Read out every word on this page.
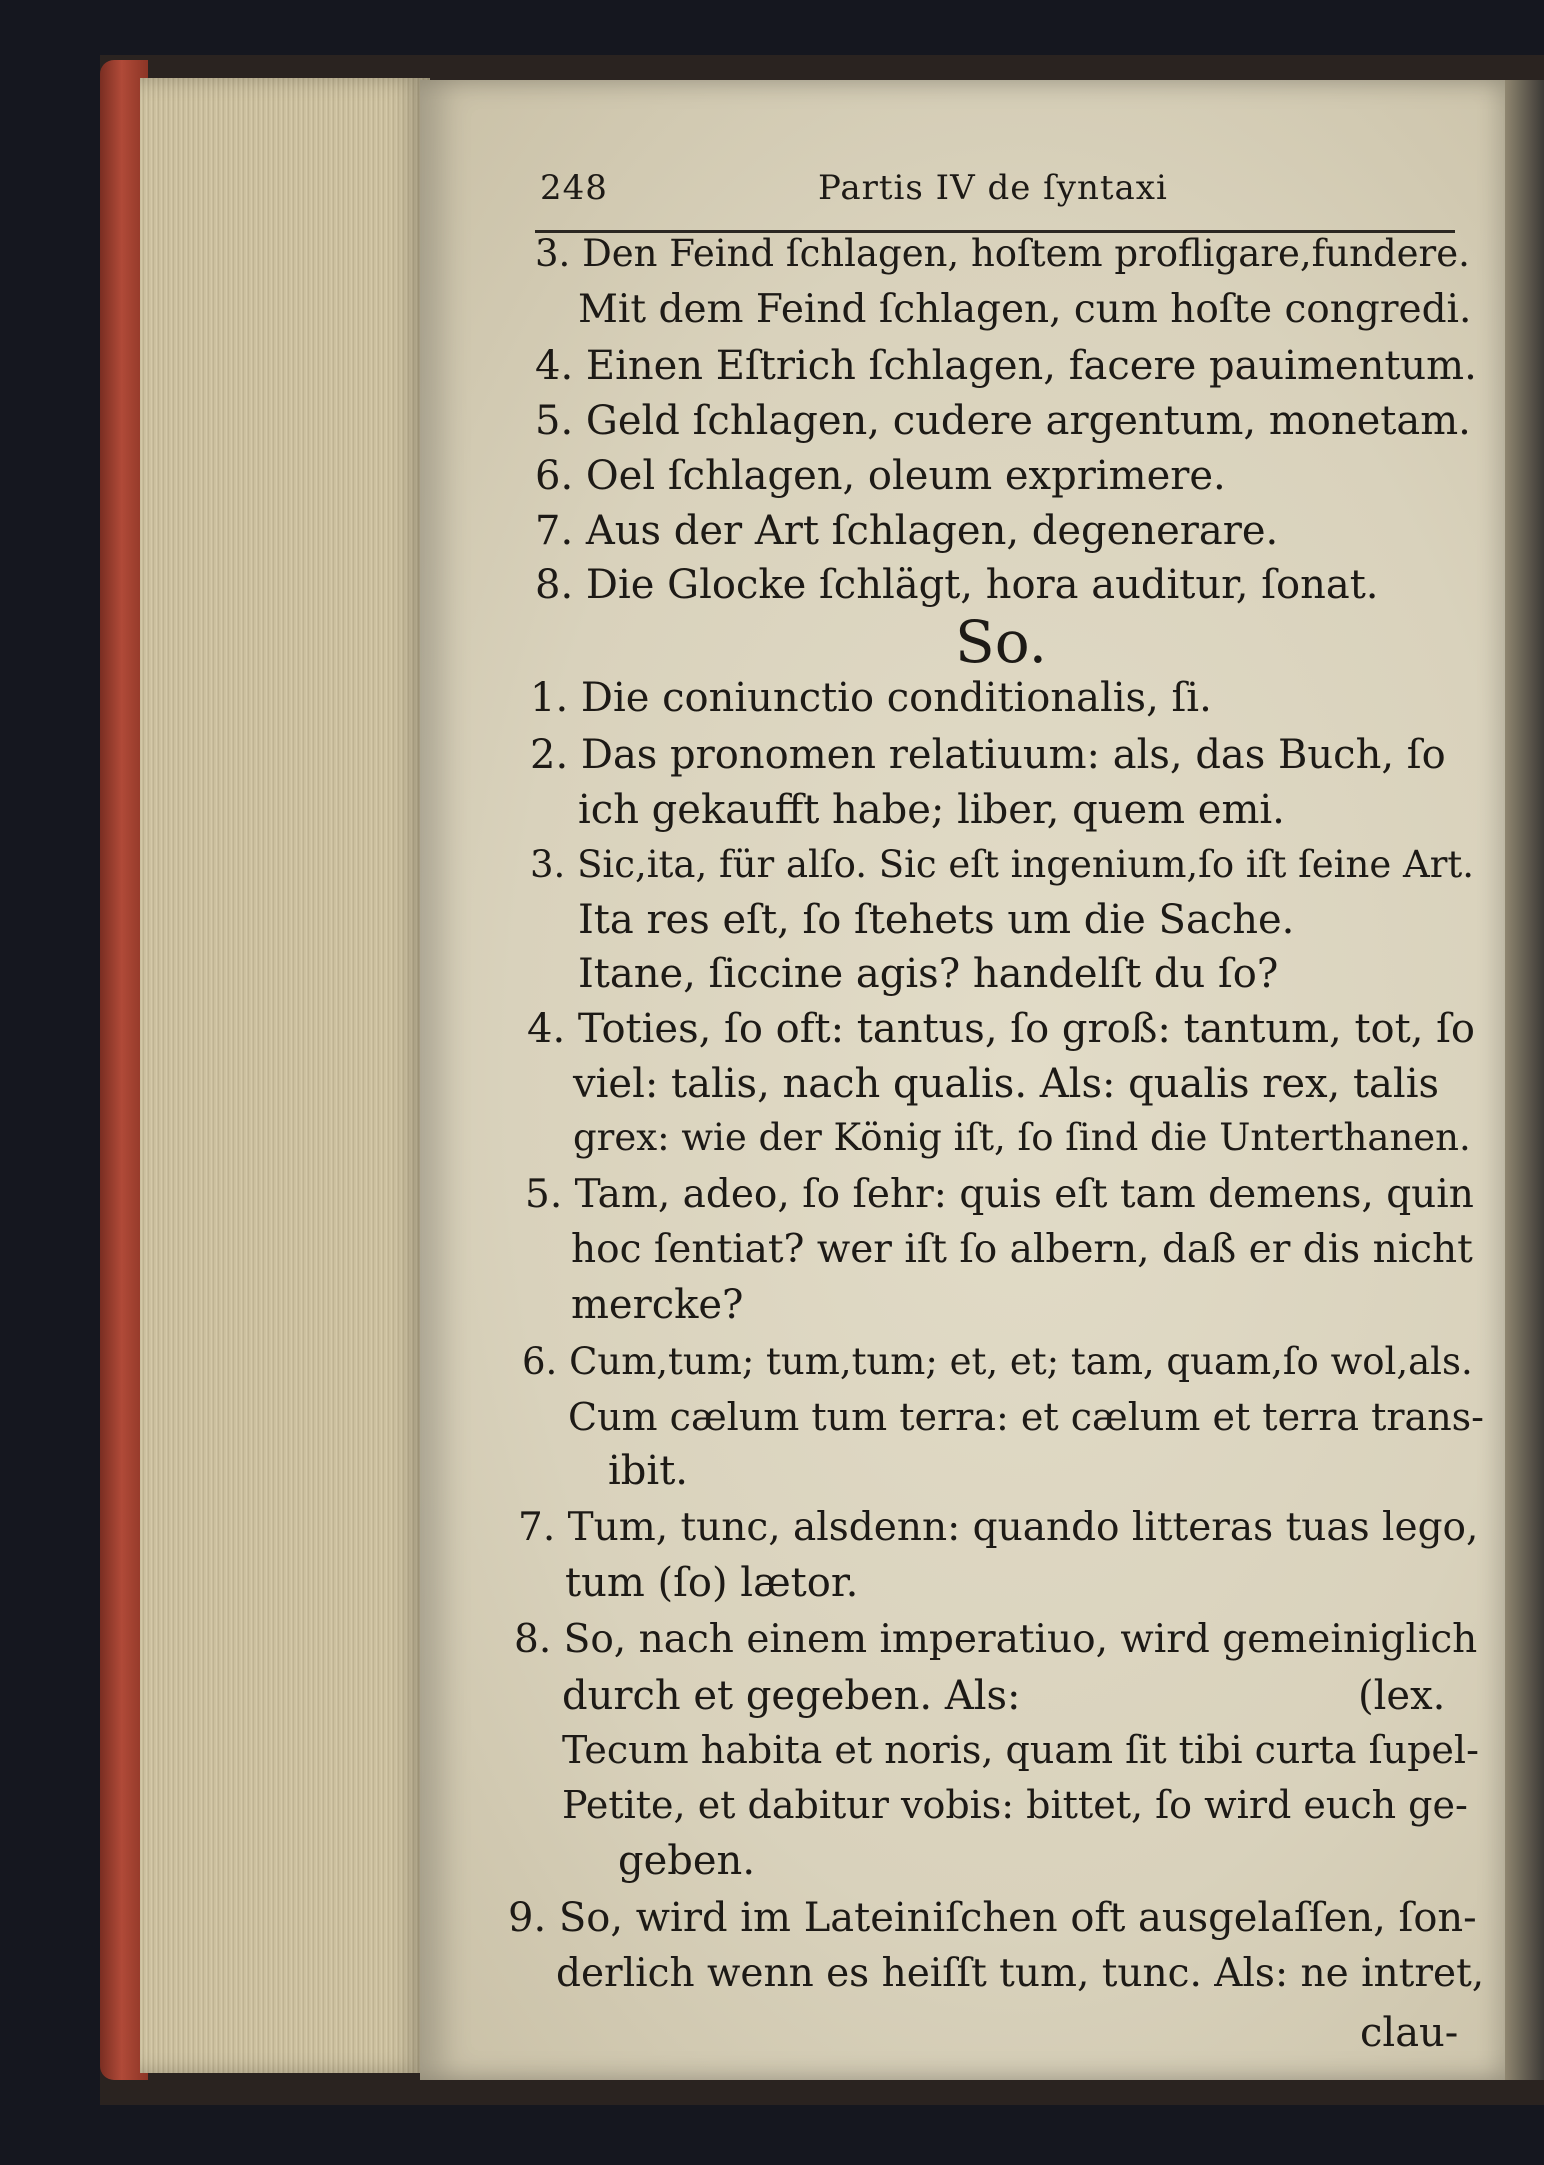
248	Partis IV de ſyntaxi
3. Den Feind ſchlagen, hoſtem profligare,fundere.
Mit dem Feind ſchlagen, cum hoſte congredi.
4. Einen Eſtrich ſchlagen, facere pauimentum.
5. Geld ſchlagen, cudere argentum, monetam.
6. Oel ſchlagen, oleum exprimere.
7. Aus der Art ſchlagen, degenerare.
8. Die Glocke ſchlägt, hora auditur, ſonat.
So.
1. Die coniunctio conditionalis, ſi.
2. Das pronomen relatiuum: als, das Buch, ſo
ich gekaufft habe; liber, quem emi.
3. Sic,ita, für alſo. Sic eſt ingenium,ſo iſt ſeine Art.
Ita res eſt, ſo ſtehets um die Sache.
Itane, ſiccine agis? handelſt du ſo?
4. Toties, ſo oft: tantus, ſo groß: tantum, tot, ſo
viel: talis, nach qualis. Als: qualis rex, talis
grex: wie der König iſt, ſo ſind die Unterthanen.
5. Tam, adeo, ſo ſehr: quis eſt tam demens, quin
hoc ſentiat? wer iſt ſo albern, daß er dis nicht
mercke?
6. Cum,tum; tum,tum; et, et; tam, quam,ſo wol,als.
Cum cælum tum terra: et cælum et terra trans-
ibit.
7. Tum, tunc, alsdenn: quando litteras tuas lego,
tum (ſo) lætor.
8. So, nach einem imperatiuo, wird gemeiniglich
durch et gegeben. Als:	(lex.
Tecum habita et noris, quam ſit tibi curta ſupel-
Petite, et dabitur vobis: bittet, ſo wird euch ge-
geben.
9. So, wird im Lateiniſchen oft ausgelaſſen, ſon-
derlich wenn es heiſſt tum, tunc. Als: ne intret,
clau-
